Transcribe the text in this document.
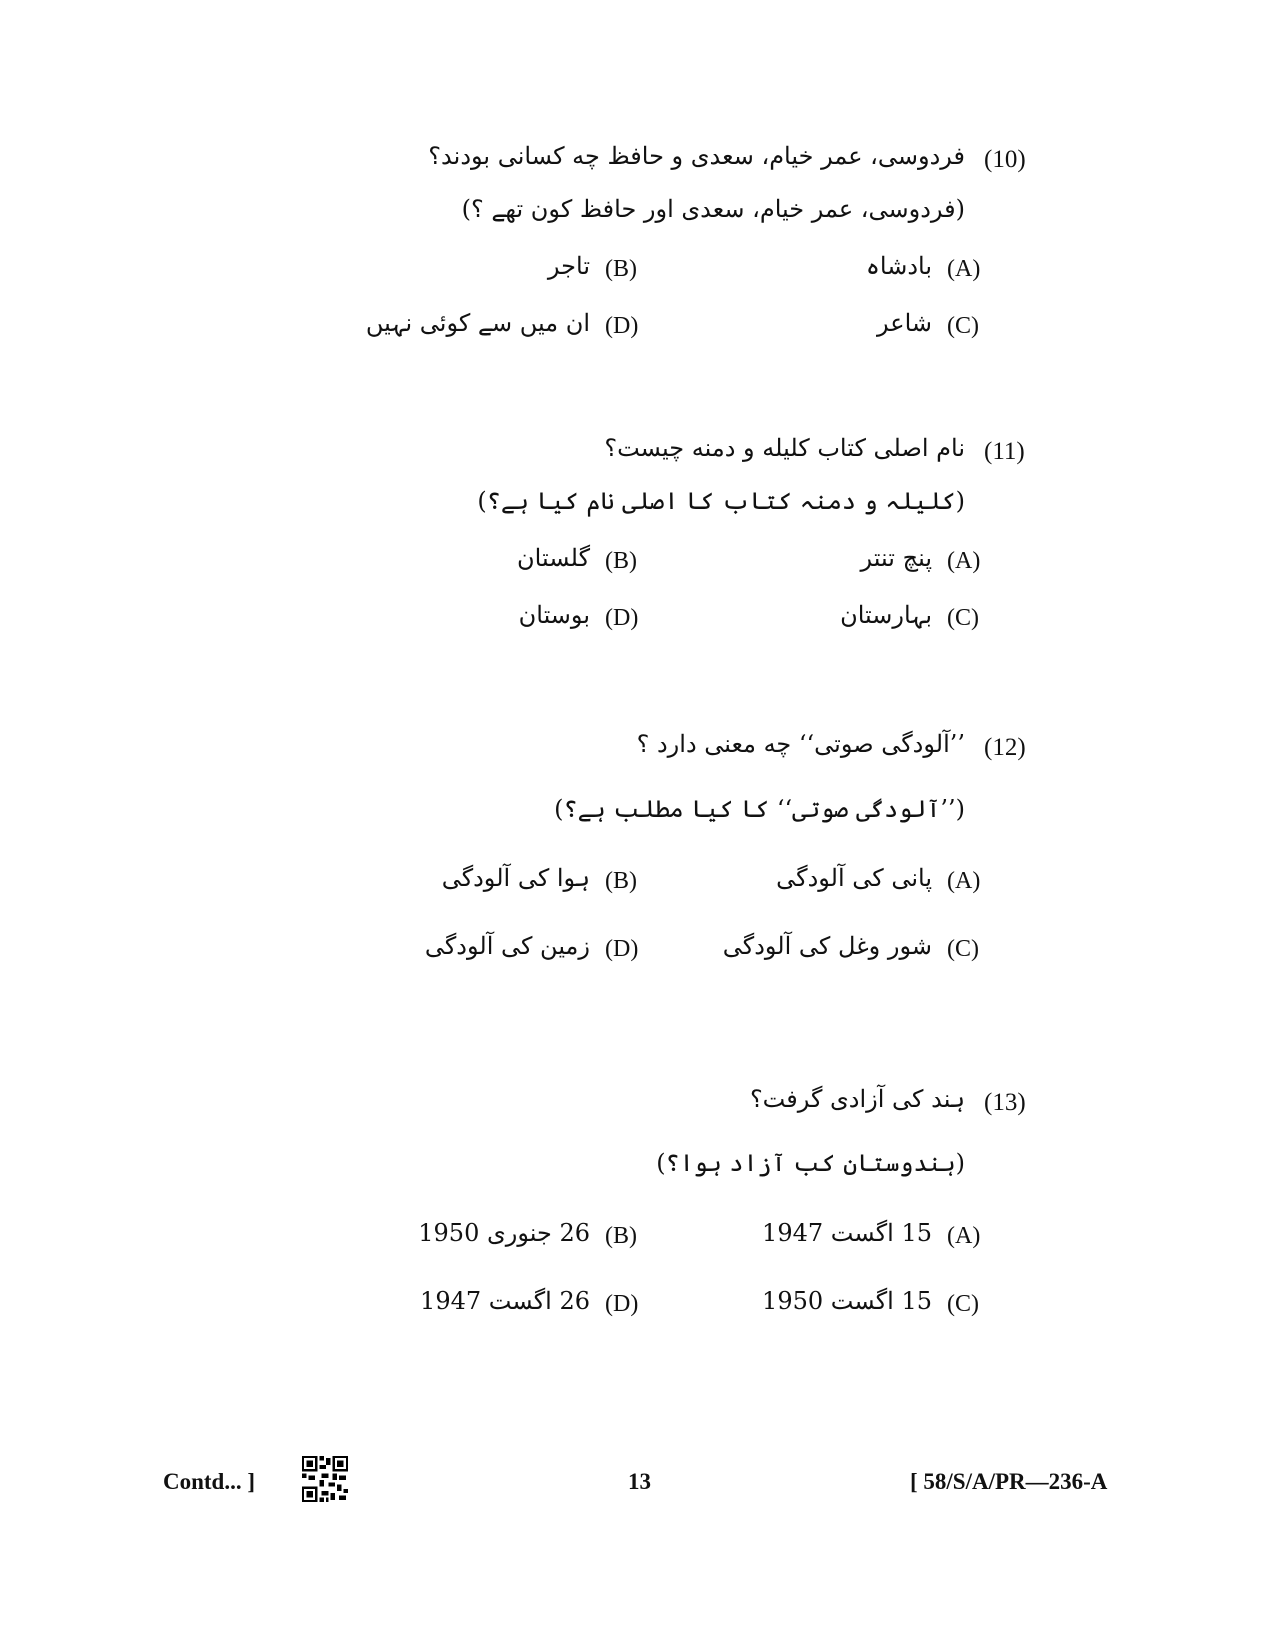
(10)
فردوسی، عمر خیام، سعدی و حافظ چه کسانی بودند؟
(فردوسی، عمر خیام، سعدی اور حافظ کون تھے ؟)
(A)
بادشاہ
(B)
تاجر
(C)
شاعر
(D)
ان میں سے کوئی نہیں
(11)
نام اصلی کتاب کلیله و دمنه چیست؟
(کلیلہ و دمنہ کتاب کا اصلی نام کیا ہے؟)
(A)
پنچ تنتر
(B)
گلستان
(C)
بہارستان
(D)
بوستان
(12)
’’آلودگی صوتی‘‘ چه معنی دارد ؟
(’’آلودگی صوتی‘‘ کا کیا مطلب ہے؟)
(A)
پانی کی آلودگی
(B)
ہوا کی آلودگی
(C)
شور وغل کی آلودگی
(D)
زمین کی آلودگی
(13)
ہند کی آزادی گرفت؟
(ہندوستان کب آزاد ہوا؟)
(A)
15 اگست 1947
(B)
26 جنوری 1950
(C)
15 اگست 1950
(D)
26 اگست 1947
Contd... ]	13	[ 58/S/A/PR—236-A
